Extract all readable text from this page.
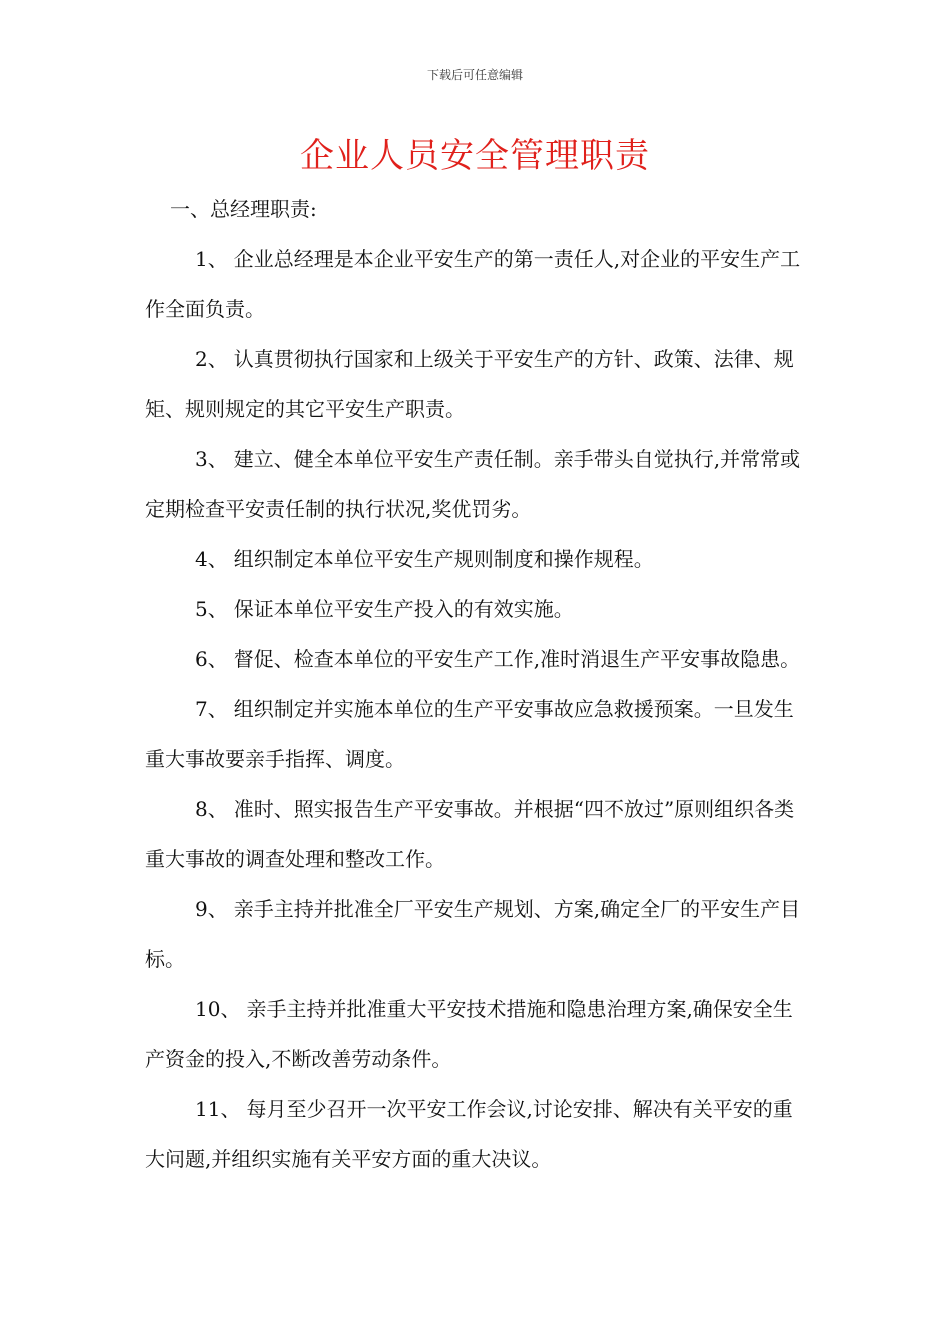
下载后可任意编辑
企业人员安全管理职责

一、总经理职责:

1、 企业总经理是本企业平安生产的第一责任人,对企业的平安生产工作全面负责。

2、 认真贯彻执行国家和上级关于平安生产的方针、政策、法律、规矩、规则规定的其它平安生产职责。

3、 建立、健全本单位平安生产责任制。亲手带头自觉执行,并常常或定期检查平安责任制的执行状况,奖优罚劣。

4、 组织制定本单位平安生产规则制度和操作规程。

5、 保证本单位平安生产投入的有效实施。

6、 督促、检查本单位的平安生产工作,准时消退生产平安事故隐患。

7、 组织制定并实施本单位的生产平安事故应急救援预案。一旦发生重大事故要亲手指挥、调度。

8、 准时、照实报告生产平安事故。并根据“四不放过”原则组织各类重大事故的调查处理和整改工作。

9、 亲手主持并批准全厂平安生产规划、方案,确定全厂的平安生产目标。

10、 亲手主持并批准重大平安技术措施和隐患治理方案,确保安全生产资金的投入,不断改善劳动条件。

11、 每月至少召开一次平安工作会议,讨论安排、解决有关平安的重大问题,并组织实施有关平安方面的重大决议。
